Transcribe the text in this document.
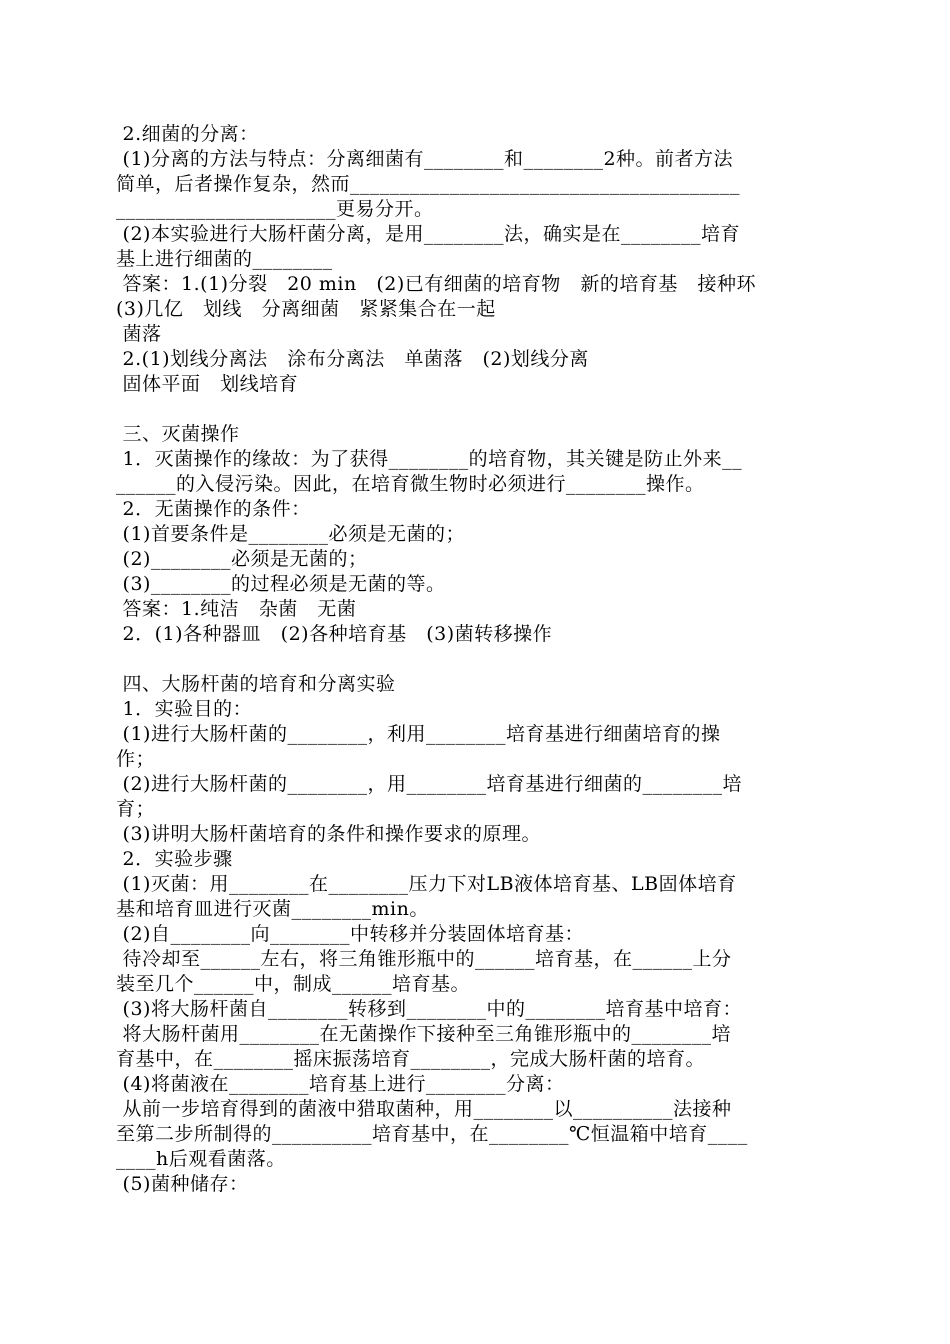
2.细菌的分离：
(1)分离的方法与特点：分离细菌有________和________2种。前者方法
简单，后者操作复杂，然而_______________________________________
______________________更易分开。
(2)本实验进行大肠杆菌分离，是用________法，确实是在________培育
基上进行细菌的________
答案：1.(1)分裂   20 min   (2)已有细菌的培育物   新的培育基   接种环
(3)几亿   划线   分离细菌   紧紧集合在一起
菌落
2.(1)划线分离法   涂布分离法   单菌落   (2)划线分离
固体平面   划线培育
三、灭菌操作
1．灭菌操作的缘故：为了获得________的培育物，其关键是防止外来__
______的入侵污染。因此，在培育微生物时必须进行________操作。
2．无菌操作的条件：
(1)首要条件是________必须是无菌的；
(2)________必须是无菌的；
(3)________的过程必须是无菌的等。
答案：1.纯洁   杂菌   无菌
2．(1)各种器皿   (2)各种培育基   (3)菌转移操作
四、大肠杆菌的培育和分离实验
1．实验目的：
(1)进行大肠杆菌的________，利用________培育基进行细菌培育的操
作；
(2)进行大肠杆菌的________，用________培育基进行细菌的________培
育；
(3)讲明大肠杆菌培育的条件和操作要求的原理。
2．实验步骤
(1)灭菌：用________在________压力下对LB液体培育基、LB固体培育
基和培育皿进行灭菌________min。
(2)自________向________中转移并分装固体培育基：
待冷却至______左右，将三角锥形瓶中的______培育基，在______上分
装至几个______中，制成______培育基。
(3)将大肠杆菌自________转移到________中的________培育基中培育：
将大肠杆菌用________在无菌操作下接种至三角锥形瓶中的________培
育基中，在________摇床振荡培育________，完成大肠杆菌的培育。
(4)将菌液在________培育基上进行________分离：
从前一步培育得到的菌液中猎取菌种，用________以__________法接种
至第二步所制得的__________培育基中，在________℃恒温箱中培育____
____h后观看菌落。
(5)菌种储存：
